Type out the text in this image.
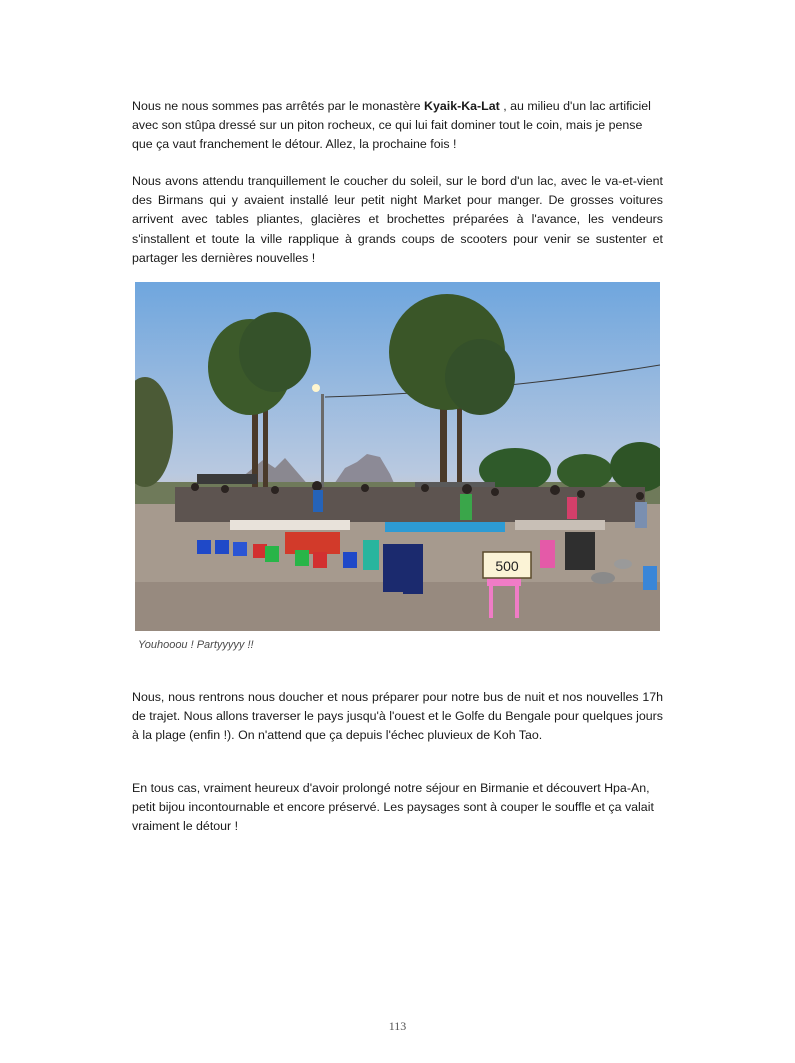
Nous ne nous sommes pas arrêtés par le monastère Kyaik-Ka-Lat , au milieu d'un lac artificiel avec son stûpa dressé sur un piton rocheux, ce qui lui fait dominer tout le coin, mais je pense que ça vaut franchement le détour. Allez, la prochaine fois !

Nous avons attendu tranquillement le coucher du soleil, sur le bord d'un lac, avec le va-et-vient des Birmans qui y avaient installé leur petit night Market pour manger. De grosses voitures arrivent avec tables pliantes, glacières et brochettes préparées à l'avance, les vendeurs s'installent et toute la ville rapplique à grands coups de scooters pour venir se sustenter et partager les dernières nouvelles !

500
Youhooou ! Partyyyyy !!

Nous, nous rentrons nous doucher et nous préparer pour notre bus de nuit et nos nouvelles 17h de trajet. Nous allons traverser le pays jusqu'à l'ouest et le Golfe du Bengale pour quelques jours à la plage (enfin !). On n'attend que ça depuis l'échec pluvieux de Koh Tao.

En tous cas, vraiment heureux d'avoir prolongé notre séjour en Birmanie et découvert Hpa-An, petit bijou incontournable et encore préservé. Les paysages sont à couper le souffle et ça valait vraiment le détour !

113
